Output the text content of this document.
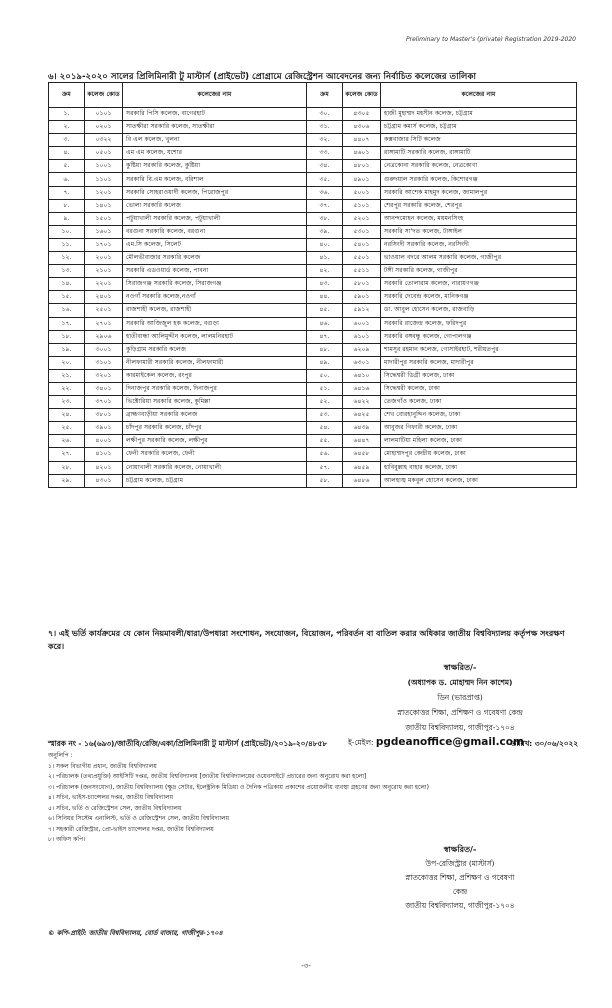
Preliminary to Master's (private) Registration 2019-2020
৬। ২০১৯-২০২০ সালের প্রিলিমিনারী টু মাস্টার্স (প্রাইভেট) প্রোগ্রামে রেজিস্ট্রেশন আবেদনের জন্য নির্বাচিত কলেজের তালিকা
ক্রম	কলেজ কোড	কলেজের নাম	ক্রম	কলেজ কোড	কলেজের নাম
১.	০১০১	সরকারি পিসি কলেজ, বাগেরহাট	৩০.	৪৩০৫	হাজী মুহাম্মদ মহসীন কলেজ, চট্টগ্রাম
২.	০২০১	সাতক্ষীরা সরকারি কলেজ, সাতক্ষীরা	৩১.	৪৩০৬	চট্টগ্রাম কমার্স কলেজ, চট্টগ্রাম
৩.	০৩২২	বি এল কলেজ, খুলনা	৩২.	৪৪০৭	কক্সবাজার সিটি কলেজ
৪.	০৫০১	এম এম কলেজ, যশোর	৩৩.	৪৬০১	রাঙ্গামাটি সরকারি কলেজ, রাঙ্গামাটি
৫.	১০০১	কুষ্টিয়া সরকারি কলেজ, কুষ্টিয়া	৩৪.	৪৮০১	নেত্রকোনা সরকারি কলেজ, নেত্রকোণা
৬.	১১০১	সরকারি বি.এম কলেজ, বরিশাল	৩৫.	৪৯০১	গুরুদয়াল সরকারি কলেজ, কিশোরগঞ্জ
৭.	১২০১	সরকারি সোহরাওয়ার্দী কলেজ, পিরোজপুর	৩৬.	৫০০১	সরকারি আশেক মাহমুদ কলেজ, জামালপুর
৮.	১৪০১	ভোলা সরকারি কলেজ	৩৭.	৫১০১	শেরপুর সরকারি কলেজ, শেরপুর
৯.	১৫০১	পটুয়াখালী সরকারি কলেজ, পটুয়াখালী	৩৮.	৫২০১	আনন্দমোহন কলেজ, ময়মনসিংহ
১০.	১৬০১	বরগুনা সরকারি কলেজ, বরগুনা	৩৯.	৫৩০১	সরকারি সা'দত কলেজ, টাঙ্গাইল
১১.	১৭০১	এম.সি কলেজ, সিলেট	৪০.	৫৪০১	নরসিংদী সরকারি কলেজ, নরসিংদী
১২.	২০০১	মৌলভীবাজার সরকারি কলেজ	৪১.	৫৫০১	ভাওয়াল বদরে আলম সরকারি কলেজ, গাজীপুর
১৩.	২১০১	সরকারি এডওয়ার্ড কলেজ, পাবনা	৪২.	৫৫১১	টঙ্গী সরকারি কলেজ, গাজীপুর
১৪.	২২০১	সিরাজগঞ্জ সরকারি কলেজ, সিরাজগঞ্জ	৪৩.	৫৮০১	সরকারি তোলারাম কলেজ, নারায়ণগঞ্জ
১৫.	২৪০১	নওগাঁ সরকারি কলেজ,নওগাঁ	৪৪.	৫৯০১	সরকারি দেবেন্দ্র কলেজ, মানিকগঞ্জ
১৬.	২৫০১	রাজশাহী কলেজ, রাজশাহী	৪৫.	৫৯১২	ডা. আবুল হোসেন কলেজ, রাজবাড়ি
১৭.	২৭০১	সরকারি আজিজুল হক কলেজ, বগুড়া	৪৬.	৬০০১	সরকারি রাজেন্দ্র কলেজ, ফরিদপুর
১৮.	২৯০৬	হাতীবান্ধা আলিমুদ্দীন কলেজ, লালমনিরহাট	৪৭.	৬১০১	সরকারি বঙ্গবন্ধু কলেজ, গোপালগঞ্জ
১৯.	৩০০১	কুড়িগ্রাম সরকারি কলেজ	৪৮.	৬২০৯	শামসুর রহমান কলেজ, গোসাইরহাট, শরীয়তপুর
২০.	৩১০১	নীলফামারী সরকারি কলেজ, নীলফামারী	৪৯.	৬৩০১	মাদারীপুর সরকারি কলেজ, মাদারীপুর
২১.	৩২০১	কারমাইকেল কলেজ, রংপুর	৫০.	৬৪১০	সিদ্ধেশ্বরী ডিগ্রী কলেজ, ঢাকা
২২.	৩৪০১	দিনাজপুর সরকারি কলেজ, দিনাজপুর	৫১.	৬৪১৬	সিদ্ধেশ্বরী কলেজ, ঢাকা
২৩.	৩৭০১	ভিক্টোরিয়া সরকারি কলেজ, কুমিল্লা	৫২.	৬৪২২	তেজগাঁও কলেজ, ঢাকা
২৪.	৩৮০১	ব্রাহ্মণবাড়ীয়া সরকারি কলেজ	৫৩.	৬৪২৫	শেখ বোরহানুদ্দিন কলেজ, ঢাকা
২৫.	৩৯০১	চাঁদপুর সরকারি কলেজ, চাঁদপুর	৫৪.	৬৪৩৯	আবুজর গিফারী কলেজ, ঢাকা
২৬.	৪০০১	লক্ষীপুর সরকারি কলেজ, লক্ষীপুর	৫৫.	৬৪৪৭	লালমাটিয়া মহিলা কলেজ, ঢাকা
২৭.	৪১০১	ফেনী সরকারি কলেজ, ফেনী	৫৬.	৬৪৫৮	মোহাম্মদপুর কেন্দ্রীয় কলেজ, ঢাকা
২৮.	৪২০১	নোয়াখালী সরকারি কলেজ, নোয়াখালী	৫৭.	৬৪৫৯	হাবিবুল্লাহ বাহার কলেজ, ঢাকা
২৯.	৪৩০১	চট্টগ্রাম কলেজ, চট্টগ্রাম	৫৮.	৬৪৮৬	আলহাজ্ব মকবুল হোসেন কলেজ, ঢাকা
৭। এই ভর্তি কার্যক্রমের যে কোন নিয়মাবলী/ধারা/উপধারা সংশোধন, সংযোজন, বিয়োজন, পরিবর্তন বা বাতিল করার অধিকার জাতীয় বিশ্ববিদ্যালয় কর্তৃপক্ষ সংরক্ষণ করে।
স্বাক্ষরিত/-
(অধ্যাপক ড. মোহাম্মদ নিন কাশেম)
ডিন (ভারপ্রাপ্ত)
স্নাতকোত্তর শিক্ষা, প্রশিক্ষণ ও গবেষণা কেন্দ্র
জাতীয় বিশ্ববিদ্যালয়, গাজীপুর-১৭০৪
ই-মেইল: pgdeanoffice@gmail.com
স্মারক নং - ১৬(৬৯৩)/জাতীবি/রেজি/একা/প্রিলিমিনারী টু মাস্টার্স (প্রাইভেট)/২০১৯-২০/৪৮৫৮	তারিখ: ৩০/০৬/২০২২
অনুলিপি :
১। সকল বিভাগীয় প্রধান, জাতীয় বিশ্ববিদ্যালয়
২। পরিচালক (তথ্যপ্রযুক্তি) আইসিটি দপ্তর, জাতীয় বিশ্ববিদ্যালয় [জাতীয় বিশ্ববিদ্যালয়ের ওয়েবসাইটে প্রচারের জন্য অনুরোধ করা হলো]
৩। পরিচালক (জনসংযোগ), জাতীয় বিশ্ববিদ্যালয় (ক্ষুদ্র সেটার, ইলেক্ট্রনিক মিডিয়া ও দৈনিক পত্রিকায় প্রকাশের প্রয়োজনীয় ব্যবস্থা গ্রহণের জন্য অনুরোধ করা হলো)
৪। সচিব, ভাইস-চ্যান্সেলর দপ্তর, জাতীয় বিশ্ববিদ্যালয়
৫। সচিব, ভর্তি ও রেজিস্ট্রেশন সেল, জাতীয় বিশ্ববিদ্যালয়
৬। সিনিয়র সিস্টেম এনালিস্ট, ভর্তি ও রেজিস্ট্রেশন সেল, জাতীয় বিশ্ববিদ্যালয়
৭। সহকারী রেজিস্ট্রার, প্রো-ভাইস চ্যান্সেলর দপ্তর, জাতীয় বিশ্ববিদ্যালয়
৮। অফিস কপি।
স্বাক্ষরিত/-
উপ-রেজিস্ট্রার (মাস্টার্স)
স্নাতকোত্তর শিক্ষা, প্রশিক্ষণ ও গবেষণা
কেন্দ্র
জাতীয় বিশ্ববিদ্যালয়, গাজীপুর-১৭০৪
© কপি-প্রাইট: জাতীয় বিশ্ববিদ্যালয়, বোর্ড বাজার, গাজীপুর-১৭০৪
-৩-
